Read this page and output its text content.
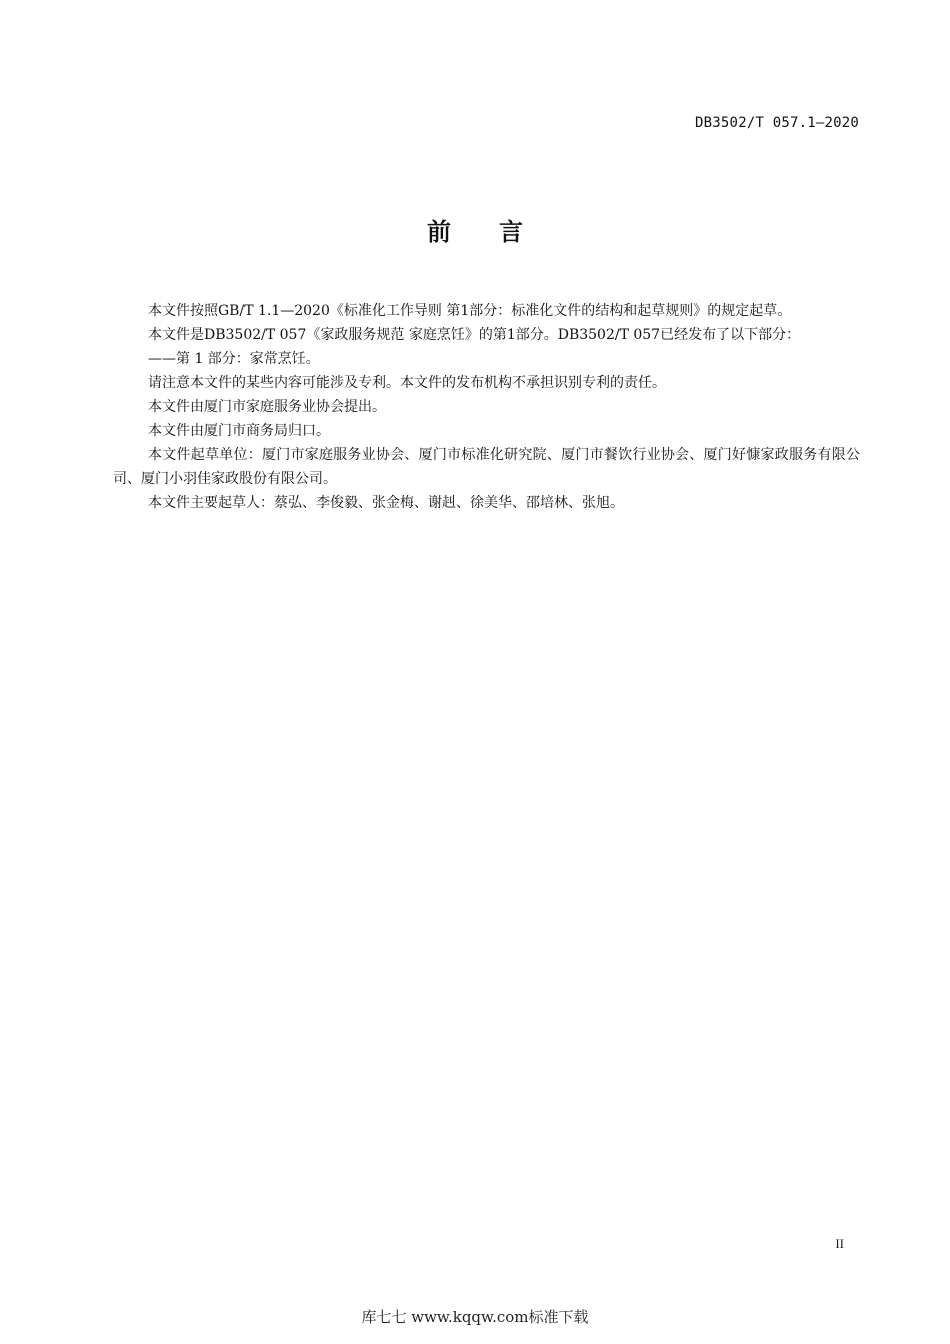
DB3502/T 057.1—2020
前言

本文件按照GB/T 1.1—2020《标准化工作导则 第1部分：标准化文件的结构和起草规则》的规定起草。

本文件是DB3502/T 057《家政服务规范 家庭烹饪》的第1部分。DB3502/T 057已经发布了以下部分：

——第 1 部分：家常烹饪。

请注意本文件的某些内容可能涉及专利。本文件的发布机构不承担识别专利的责任。

本文件由厦门市家庭服务业协会提出。

本文件由厦门市商务局归口。

本文件起草单位：厦门市家庭服务业协会、厦门市标准化研究院、厦门市餐饮行业协会、厦门好慷家政服务有限公司、厦门小羽佳家政股份有限公司。

本文件主要起草人：蔡弘、李俊毅、张金梅、谢赳、徐美华、邵培林、张旭。

II
库七七 www.kqqw.com标准下载
